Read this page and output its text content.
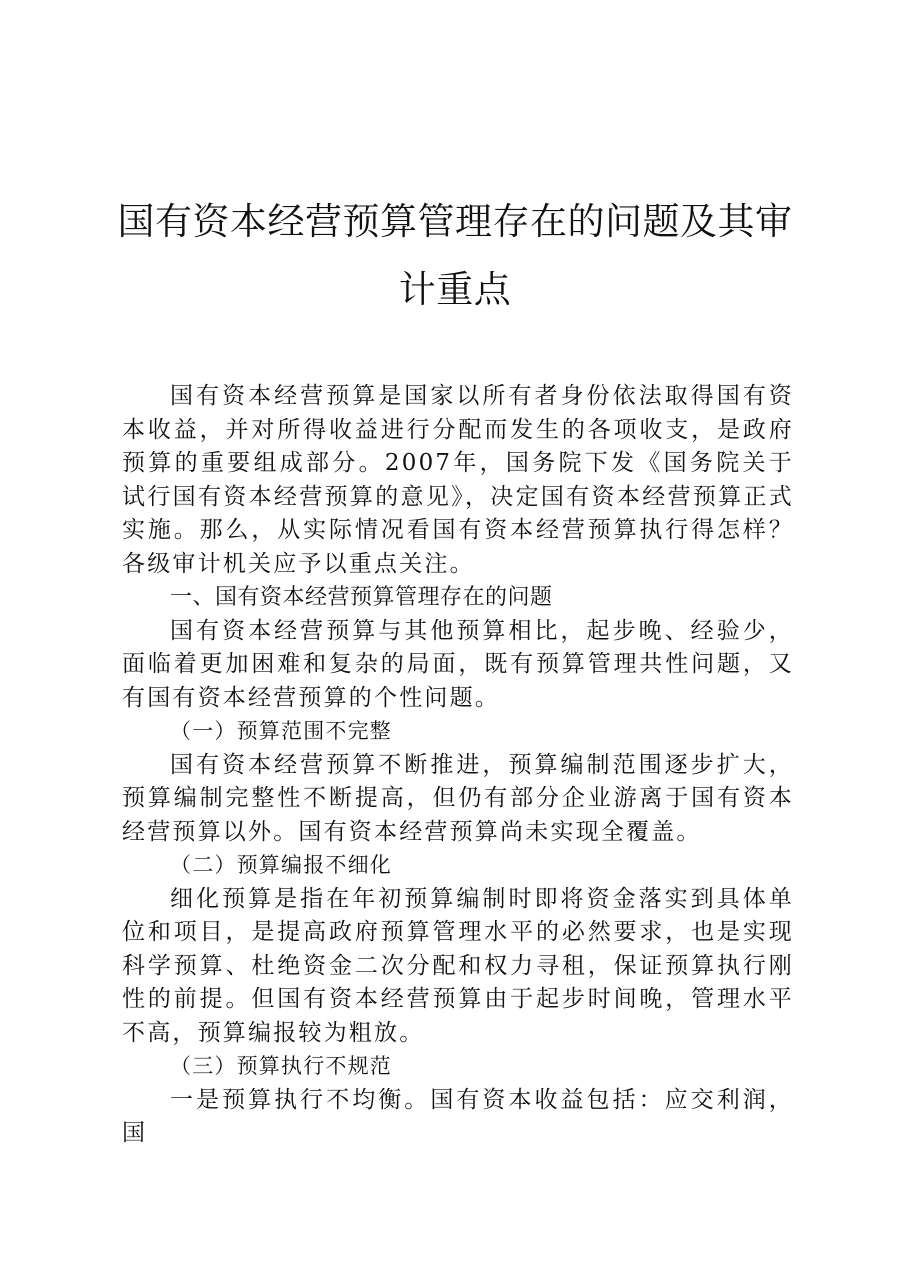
国有资本经营预算管理存在的问题及其审计重点

国有资本经营预算是国家以所有者身份依法取得国有资本收益，并对所得收益进行分配而发生的各项收支，是政府预算的重要组成部分。2007年，国务院下发《国务院关于试行国有资本经营预算的意见》，决定国有资本经营预算正式实施。那么，从实际情况看国有资本经营预算执行得怎样？各级审计机关应予以重点关注。

一、国有资本经营预算管理存在的问题

国有资本经营预算与其他预算相比，起步晚、经验少，面临着更加困难和复杂的局面，既有预算管理共性问题，又有国有资本经营预算的个性问题。

（一）预算范围不完整

国有资本经营预算不断推进，预算编制范围逐步扩大，预算编制完整性不断提高，但仍有部分企业游离于国有资本经营预算以外。国有资本经营预算尚未实现全覆盖。

（二）预算编报不细化

细化预算是指在年初预算编制时即将资金落实到具体单位和项目，是提高政府预算管理水平的必然要求，也是实现科学预算、杜绝资金二次分配和权力寻租，保证预算执行刚性的前提。但国有资本经营预算由于起步时间晚，管理水平不高，预算编报较为粗放。

（三）预算执行不规范

一是预算执行不均衡。国有资本收益包括：应交利润，国
